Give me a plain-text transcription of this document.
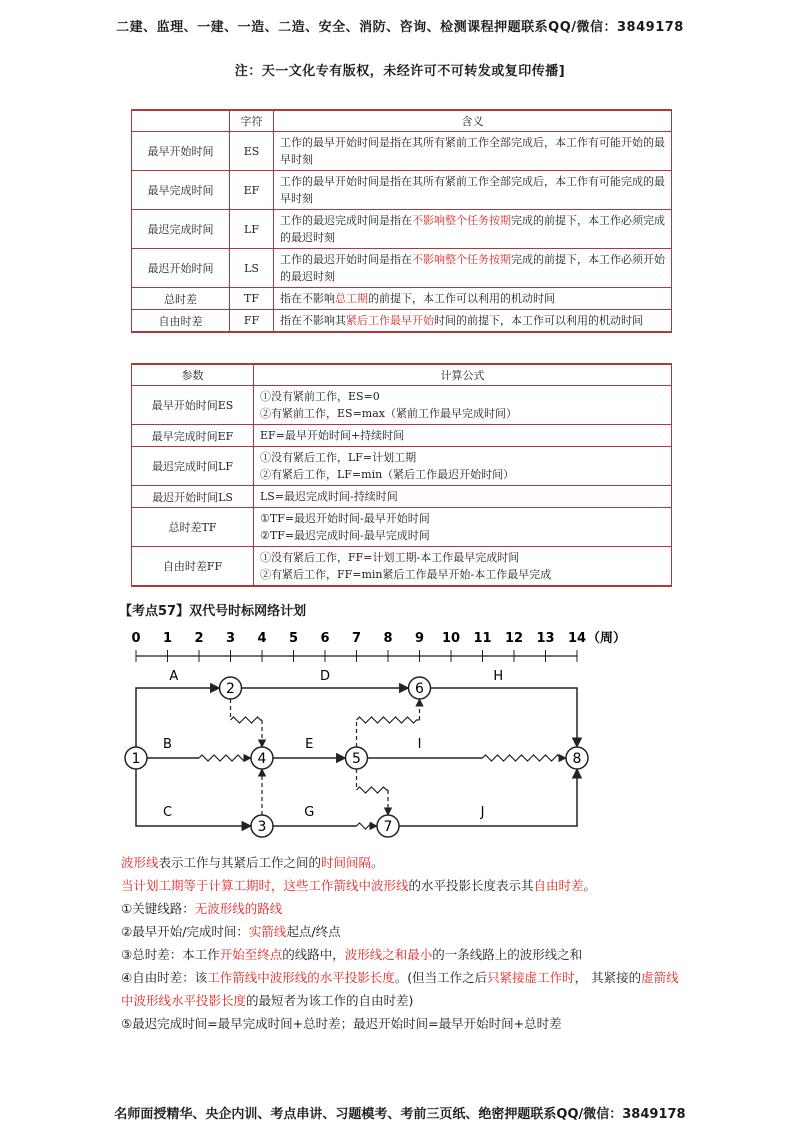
二建、监理、一建、一造、二造、安全、消防、咨询、检测课程押题联系QQ/微信：3849178
注：天一文化专有版权，未经许可不可转发或复印传播]
	字符	含义
最早开始时间	ES	工作的最早开始时间是指在其所有紧前工作全部完成后，本工作有可能开始的最早时刻
最早完成时间	EF	工作的最早开始时间是指在其所有紧前工作全部完成后，本工作有可能完成的最早时刻
最迟完成时间	LF	工作的最迟完成时间是指在不影响整个任务按期完成的前提下，本工作必须完成的最迟时刻
最迟开始时间	LS	工作的最迟开始时间是指在不影响整个任务按期完成的前提下，本工作必须开始的最迟时刻
总时差	TF	指在不影响总工期的前提下，本工作可以利用的机动时间
自由时差	FF	指在不影响其紧后工作最早开始时间的前提下，本工作可以利用的机动时间
参数	计算公式
最早开始时间ES	①没有紧前工作，ES=0
②有紧前工作，ES=max（紧前工作最早完成时间）

最早完成时间EF	EF=最早开始时间+持续时间

最迟完成时间LF	①没有紧后工作，LF=计划工期
②有紧后工作，LF=min（紧后工作最迟开始时间）

最迟开始时间LS	LS=最迟完成时间-持续时间

总时差TF	①TF=最迟开始时间-最早开始时间
②TF=最迟完成时间-最早完成时间

自由时差FF	①没有紧后工作，FF=计划工期-本工作最早完成时间
②有紧后工作，FF=min紧后工作最早开始-本工作最早完成
【考点57】双代号时标网络计划
0 1 2 3 4 5 6 7 8 9 10 11 12 13 14 （周）
A
B
C
D
E
G
H
I
J
1
2
3
4	5
6
7
8

波形线表示工作与其紧后工作之间的时间间隔。

当计划工期等于计算工期时，这些工作箭线中波形线的水平投影长度表示其自由时差。

①关键线路：无波形线的路线

②最早开始/完成时间：实箭线起点/终点

③总时差：本工作开始至终点的线路中，波形线之和最小的一条线路上的波形线之和

④自由时差：该工作箭线中波形线的水平投影长度。(但当工作之后只紧接虚工作时， 其紧接的虚箭线中波形线水平投影长度的最短者为该工作的自由时差)

⑤最迟完成时间=最早完成时间+总时差；最迟开始时间=最早开始时间+总时差

名师面授精华、央企内训、考点串讲、习题模考、考前三页纸、绝密押题联系QQ/微信：3849178
